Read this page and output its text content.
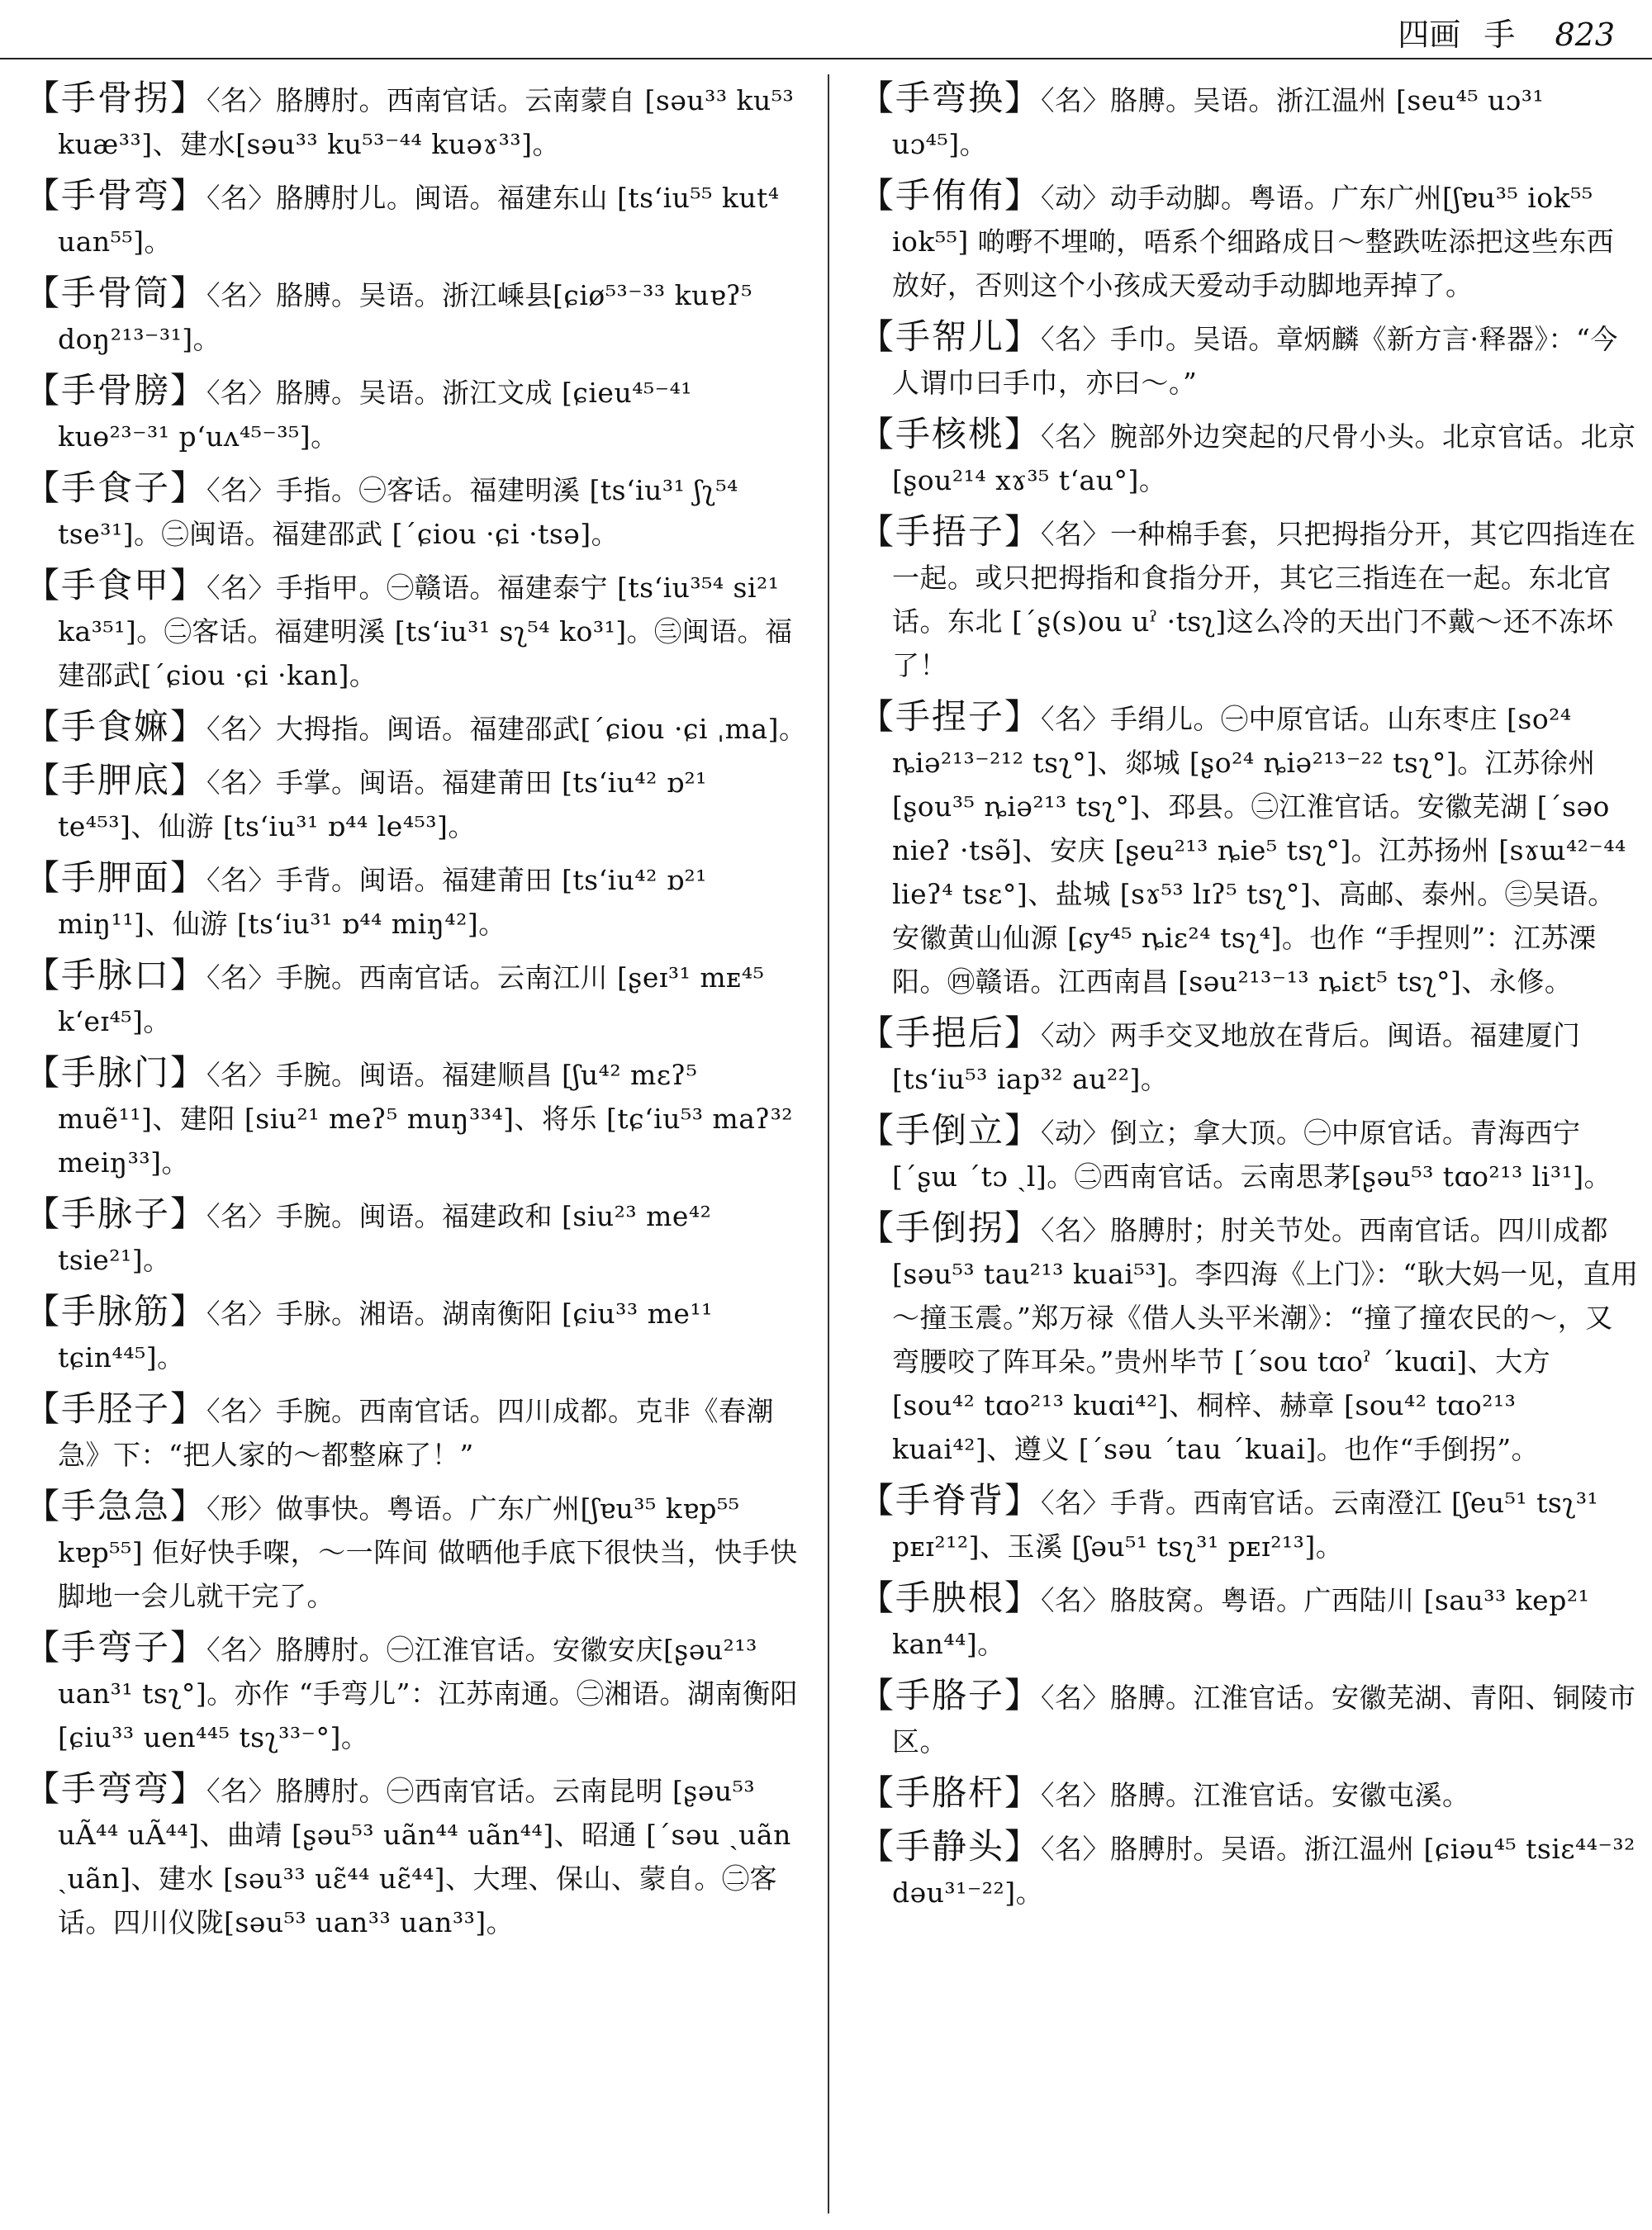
四画 手 823

【手骨拐】〈名〉胳膊肘。西南官话。云南蒙自 [səu³³ ku⁵³ kuæ³³]、建水[səu³³ ku⁵³⁻⁴⁴ kuəɤ³³]。

【手骨弯】〈名〉胳膊肘儿。闽语。福建东山 [tsʻiu⁵⁵ kut⁴ uan⁵⁵]。

【手骨筒】〈名〉胳膊。吴语。浙江嵊县[ɕiø⁵³⁻³³ kuɐʔ⁵ doŋ²¹³⁻³¹]。

【手骨膀】〈名〉胳膊。吴语。浙江文成 [ɕieu⁴⁵⁻⁴¹ kuɵ²³⁻³¹ pʻuʌ⁴⁵⁻³⁵]。

【手食子】〈名〉手指。㊀客话。福建明溪 [tsʻiu³¹ ʃʅ⁵⁴ tse³¹]。㊁闽语。福建邵武 [ˊɕiou ·ɕi ·tsə]。

【手食甲】〈名〉手指甲。㊀赣语。福建泰宁 [tsʻiu³⁵⁴ si²¹ ka³⁵¹]。㊁客话。福建明溪 [tsʻiu³¹ sʅ⁵⁴ ko³¹]。㊂闽语。福建邵武[ˊɕiou ·ɕi ·kan]。

【手食嫲】〈名〉大拇指。闽语。福建邵武[ˊɕiou ·ɕi ˌma]。

【手胛底】〈名〉手掌。闽语。福建莆田 [tsʻiu⁴² ɒ²¹ te⁴⁵³]、仙游 [tsʻiu³¹ ɒ⁴⁴ le⁴⁵³]。

【手胛面】〈名〉手背。闽语。福建莆田 [tsʻiu⁴² ɒ²¹ miŋ¹¹]、仙游 [tsʻiu³¹ ɒ⁴⁴ miŋ⁴²]。

【手脉口】〈名〉手腕。西南官话。云南江川 [ʂeɪ³¹ mᴇ⁴⁵ kʻeɪ⁴⁵]。

【手脉门】〈名〉手腕。闽语。福建顺昌 [ʃu⁴² mɛʔ⁵ muẽ¹¹]、建阳 [siu²¹ meʔ⁵ muŋ³³⁴]、将乐 [tɕʻiu⁵³ maʔ³² meiŋ³³]。

【手脉子】〈名〉手腕。闽语。福建政和 [siu²³ me⁴² tsie²¹]。

【手脉筋】〈名〉手脉。湘语。湖南衡阳 [ɕiu³³ me¹¹ tɕin⁴⁴⁵]。

【手胫子】〈名〉手腕。西南官话。四川成都。克非《春潮急》下：“把人家的～都整麻了！”

【手急急】〈形〉做事快。粤语。广东广州[ʃɐu³⁵ kɐp⁵⁵ kɐp⁵⁵] 佢好快手㗎，～一阵间 做晒他手底下很快当，快手快脚地一会儿就干完了。

【手弯子】〈名〉胳膊肘。㊀江淮官话。安徽安庆[ʂəu²¹³ uan³¹ tsʅ°]。亦作 “手弯儿”：江苏南通。㊁湘语。湖南衡阳[ɕiu³³ uen⁴⁴⁵ tsʅ³³⁻°]。

【手弯弯】〈名〉胳膊肘。㊀西南官话。云南昆明 [ʂəu⁵³ uÃ⁴⁴ uÃ⁴⁴]、曲靖 [ʂəu⁵³ uãn⁴⁴ uãn⁴⁴]、昭通 [ˊsəu ˏuãn ˏuãn]、建水 [səu³³ uɛ̃⁴⁴ uɛ̃⁴⁴]、大理、保山、蒙自。㊁客话。四川仪陇[səu⁵³ uan³³ uan³³]。

【手弯换】〈名〉胳膊。吴语。浙江温州 [seu⁴⁵ uɔ³¹ uɔ⁴⁵]。

【手侑侑】〈动〉动手动脚。粤语。广东广州[ʃɐu³⁵ iok⁵⁵ iok⁵⁵] 啲嘢不埋啲，唔系个细路成日～整跌咗添把这些东西放好，否则这个小孩成天爱动手动脚地弄掉了。

【手帤儿】〈名〉手巾。吴语。章炳麟《新方言·释器》：“今人谓巾曰手巾，亦曰～。”

【手核桃】〈名〉腕部外边突起的尺骨小头。北京官话。北京 [ʂou²¹⁴ xɤ³⁵ tʻau°]。

【手捂子】〈名〉一种棉手套，只把拇指分开，其它四指连在一起。或只把拇指和食指分开，其它三指连在一起。东北官话。东北 [ˊʂ(s)ou uˀ ·tsʅ]这么冷的天出门不戴～还不冻坏了！

【手捏子】〈名〉手绢儿。㊀中原官话。山东枣庄 [so²⁴ ȵiə²¹³⁻²¹² tsʅ°]、郯城 [ʂo²⁴ ȵiə²¹³⁻²² tsʅ°]。江苏徐州 [ʂou³⁵ ȵiə²¹³ tsʅ°]、邳县。㊁江淮官话。安徽芜湖 [ˊsəo nieʔ ·tsə̃]、安庆 [ʂeu²¹³ ȵie⁵ tsʅ°]。江苏扬州 [sɤɯ⁴²⁻⁴⁴ lieʔ⁴ tsɛ°]、盐城 [sɤ⁵³ lɪʔ⁵ tsʅ°]、高邮、泰州。㊂吴语。安徽黄山仙源 [ɕy⁴⁵ ȵiɛ²⁴ tsʅ⁴]。也作 “手捏则”：江苏溧阳。㊃赣语。江西南昌 [səu²¹³⁻¹³ ȵiɛt⁵ tsʅ°]、永修。

【手挹后】〈动〉两手交叉地放在背后。闽语。福建厦门 [tsʻiu⁵³ iap³² au²²]。

【手倒立】〈动〉倒立；拿大顶。㊀中原官话。青海西宁 [ˊʂɯ ˊtɔ ˏl]。㊁西南官话。云南思茅[ʂəu⁵³ tɑo²¹³ li³¹]。

【手倒拐】〈名〉胳膊肘；肘关节处。西南官话。四川成都[səu⁵³ tau²¹³ kuai⁵³]。李四海《上门》：“耿大妈一见，直用～撞玉震。”郑万禄《借人头平米潮》：“撞了撞农民的～，又弯腰咬了阵耳朵。”贵州毕节 [ˊsou tɑoˀ ˊkuɑi]、大方 [sou⁴² tɑo²¹³ kuɑi⁴²]、桐梓、赫章 [sou⁴² tɑo²¹³ kuai⁴²]、遵义 [ˊsəu ˊtau ˊkuai]。也作“手倒拐”。

【手脊背】〈名〉手背。西南官话。云南澄江 [ʃeu⁵¹ tsʅ³¹ pᴇɪ²¹²]、玉溪 [ʃəu⁵¹ tsʅ³¹ pᴇɪ²¹³]。

【手胦根】〈名〉胳肢窝。粤语。广西陆川 [sau³³ kep²¹ kan⁴⁴]。

【手胳子】〈名〉胳膊。江淮官话。安徽芜湖、青阳、铜陵市区。

【手胳杆】〈名〉胳膊。江淮官话。安徽屯溪。

【手静头】〈名〉胳膊肘。吴语。浙江温州 [ɕiəu⁴⁵ tsiɛ⁴⁴⁻³² dəu³¹⁻²²]。
